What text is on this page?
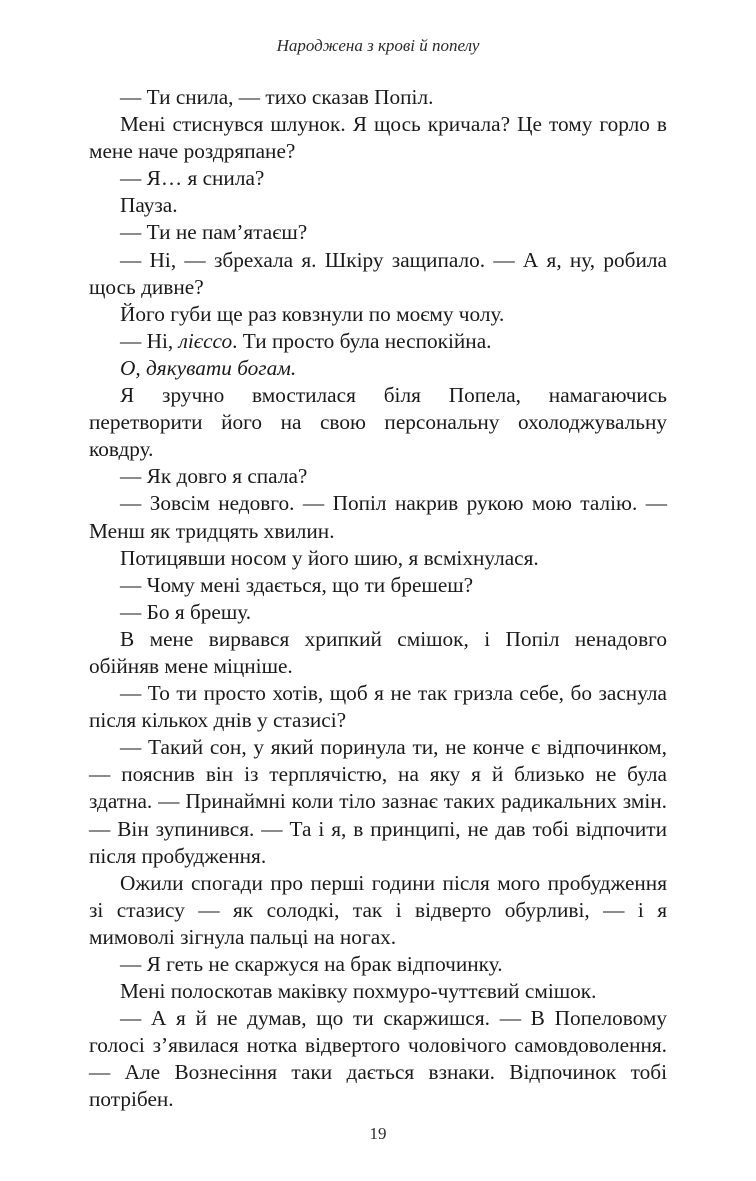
Народжена з крові й попелу

— Ти снила, — тихо сказав Попіл.

Мені стиснувся шлунок. Я щось кричала? Це тому горло в мене наче роздряпане?

— Я… я снила?

Пауза.

— Ти не пам’ятаєш?

— Ні, — збрехала я. Шкіру защипало. — А я, ну, робила щось дивне?

Його губи ще раз ковзнули по моєму чолу.

— Ні, лієссо. Ти просто була неспокійна.

О, дякувати богам.

Я зручно вмостилася біля Попела, намагаючись перетворити його на свою персональну охолоджувальну ковдру.

— Як довго я спала?

— Зовсім недовго. — Попіл накрив рукою мою талію. — Менш як тридцять хвилин.

Потицявши носом у його шию, я всміхнулася.

— Чому мені здається, що ти брешеш?

— Бо я брешу.

В мене вирвався хрипкий смішок, і Попіл ненадовго обійняв мене міцніше.

— То ти просто хотів, щоб я не так гризла себе, бо заснула після кількох днів у стазисі?

— Такий сон, у який поринула ти, не конче є відпочинком, — пояснив він із терплячістю, на яку я й близько не була здатна. — Принаймні коли тіло зазнає таких радикальних змін. — Він зупинився. — Та і я, в принципі, не дав тобі відпочити після пробудження.

Ожили спогади про перші години після мого пробудження зі стазису — як солодкі, так і відверто обурливі, — і я мимоволі зігнула пальці на ногах.

— Я геть не скаржуся на брак відпочинку.

Мені полоскотав маківку похмуро-чуттєвий смішок.

— А я й не думав, що ти скаржишся. — В Попеловому голосі з’явилася нотка відвертого чоловічого самовдоволення. — Але Вознесіння таки дається взнаки. Відпочинок тобі потрібен.

19
